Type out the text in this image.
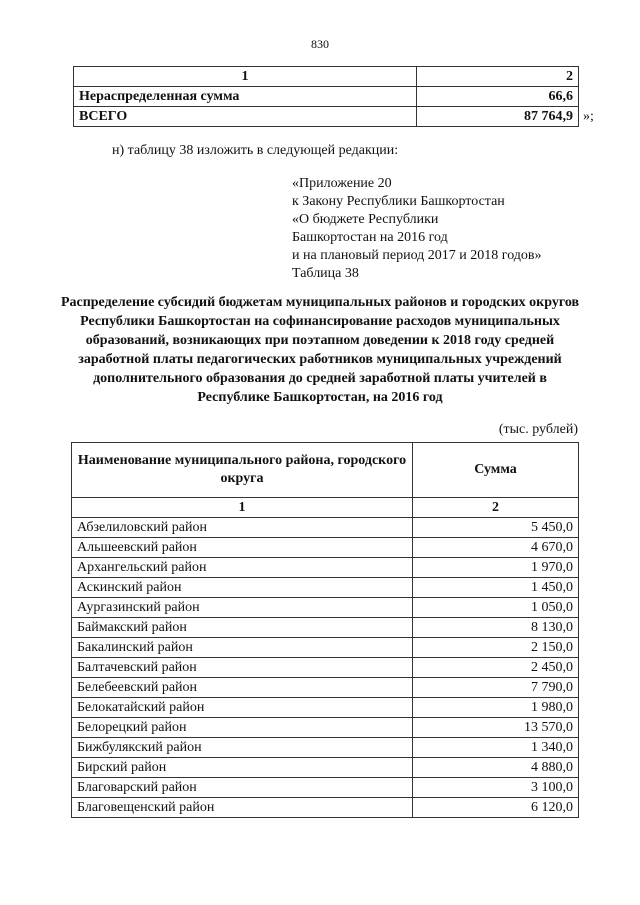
830
1	2
Нераспределенная сумма	66,6
ВСЕГО	87 764,9 »;
н) таблицу 38 изложить в следующей редакции:
«Приложение 20
к Закону Республики Башкортостан
«О бюджете Республики
Башкортостан на 2016 год
и на плановый период 2017 и 2018 годов»
Таблица 38
Распределение субсидий бюджетам муниципальных районов и городских округов Республики Башкортостан на софинансирование расходов муниципальных образований, возникающих при поэтапном доведении к 2018 году средней заработной платы педагогических работников муниципальных учреждений дополнительного образования до средней заработной платы учителей в Республике Башкортостан, на 2016 год
(тыс. рублей)
Наименование муниципального района, городского округа	Сумма
1	2
Абзелиловский район	5 450,0
Альшеевский район	4 670,0
Архангельский район	1 970,0
Аскинский район	1 450,0
Аургазинский район	1 050,0
Баймакский район	8 130,0
Бакалинский район	2 150,0
Балтачевский район	2 450,0
Белебеевский район	7 790,0
Белокатайский район	1 980,0
Белорецкий район	13 570,0
Бижбулякский район	1 340,0
Бирский район	4 880,0
Благоварский район	3 100,0
Благовещенский район	6 120,0
